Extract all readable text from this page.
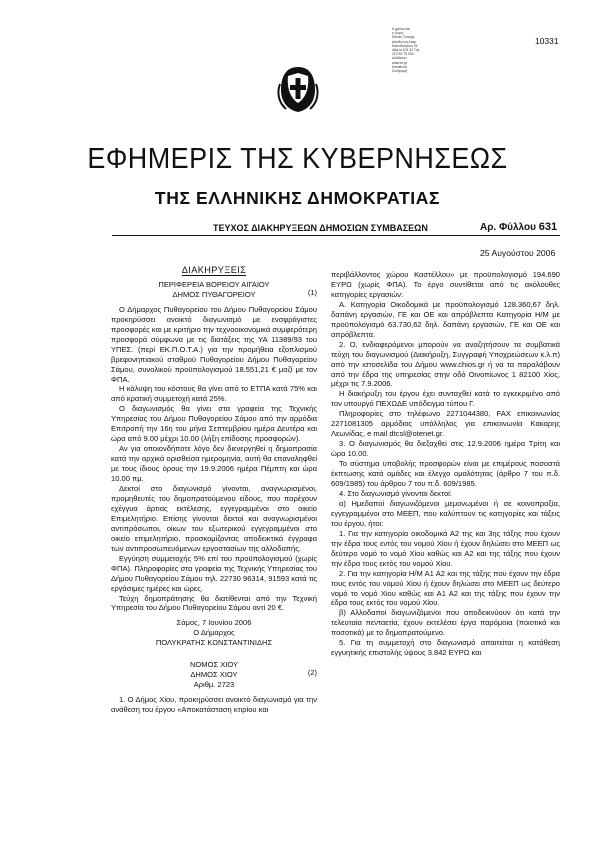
5 χρόνια και
ο λογος
Εθνικό Τυπογρ.
Διεύθυνση Διαφ.
Καποδιστρίου 34
Αθήνα 104 32 Τηλ.
210 52 79 000
Διαδίκτυο
www.et.gr
Κατάθεση
Συνδρομή
10331
ΕΦΗΜΕΡΙΣ ΤΗΣ ΚΥΒΕΡΝΗΣΕΩΣ
ΤΗΣ ΕΛΛΗΝΙΚΗΣ ΔΗΜΟΚΡΑΤΙΑΣ
ΤΕΥΧΟΣ ΔΙΑΚΗΡΥΞΕΩΝ ΔΗΜΟΣΙΩΝ ΣΥΜΒΑΣΕΩΝ	Αρ. Φύλλου 631
25 Αυγούστου 2006
ΔΙΑΚΗΡΥΞΕΙΣ
(1)

ΠΕΡΙΦΕΡΕΙΑ ΒΟΡΕΙΟΥ ΑΙΓΑΙΟΥ

ΔΗΜΟΣ ΠΥΘΑΓΟΡΕΙΟΥ

Ο Δήμαρχος Πυθαγορείου του Δήμου Πυθαγορείου Σάμου προκηρύσσει ανοικτό διαγωνισμό με ενσφράγιστες προσφορές και με κριτήριο την τεχνοοικονομικά συμφερότερη προσφορά σύμφωνα με τις διατάξεις της ΥΑ 11389/93 του ΥΠΕΣ. (περί ΕΚ.Π.Ο.Τ.Α.) για την προμήθεια εξοπλισμού βρεφονηπιακού σταθμού Πυθαγορείου Δήμου Πυθαγορείου Σάμου, συνολικού προϋπολογισμού 18.551,21 € μαζί με τον ΦΠΑ.

Η κάλυψη του κόστους θα γίνει από το ΕΤΠΑ κατά 75% και από κρατική συμμετοχή κατά 25%.

Ο διαγωνισμός θα γίνει στα γραφεία της Τεχνικής Υπηρεσίας του Δήμου Πυθαγορείου Σάμου από την αρμόδια Επιτροπή την 16η του μήνα Σεπτεμβρίου ημέρα Δευτέρα και ώρα από 9.00 μέχρι 10.00 (λήξη επίδοσης προσφορών).

Αν για οποιονδήποτε λόγο δεν διενεργηθεί η δημοπρασία κατά την αρχικά ορισθείσα ημερομηνία, αυτή θα επαναληφθεί με τους ίδιους όρους την 19.9.2006 ημέρα Πέμπτη και ώρα 10.00 πμ.

Δεκτοί στο διαγωνισμό γίνονται, αναγνωρισμένοι, προμηθευτές του δημοπρατούμενου είδους, που παρέχουν εχέγγυα άρτιας εκτέλεσης, εγγεγραμμένοι στο οικείο Επιμελητήριο. Επίσης γίνονται δεκτοί και αναγνωρισμένοι αντιπρόσωποι, οίκων του εξωτερικού εγγεγραμμένοι στο οικείο επιμελητήριο, προσκομίζοντας αποδεικτικά έγγραφα των αντιπροσωπευόμενων εργοστασίων της αλλοδαπής.

Εγγύηση συμμετοχής 5% επί του προϋπολογισμού (χωρίς ΦΠΑ). Πληροφορίες στα γραφεία της Τεχνικής Υπηρεσίας του Δήμου Πυθαγορείου Σάμου τηλ. 22730 96314, 91593 κατά τις εργάσιμες ημέρες και ώρες.

Τεύχη δημοπράτησης θα διατίθενται από την Τεχνική Υπηρεσία του Δήμου Πυθαγορείου Σάμου αντί 20 €.

Σάμος, 7 Ιουνίου 2006

Ο Δήμαρχος

ΠΟΛΥΚΡΑΤΗΣ ΚΩΝΣΤΑΝΤΙΝΙΔΗΣ

(2)

ΝΟΜΟΣ ΧΙΟΥ

ΔΗΜΟΣ ΧΙΟΥ

Αριθμ. 2723

1. Ο Δήμος Χίου, προκηρύσσει ανοικτό διαγωνισμό για την ανάθεση του έργου «Αποκατάσταση κτιρίου και

περιβάλλοντος χώρου Καστέλλου» με προϋπολογισμό 194.690 ΕΥΡΩ (χωρίς ΦΠΑ). Το έργο συντίθεται από τις ακόλουθες κατηγορίες εργασιών:

Α. Κατηγορία Οικοδομικά με προϋπολογισμό 128.360,67 δηλ. δαπάνη εργασιών, ΓΕ και ΟΕ και απρόβλεπτα Κατηγορία Η/Μ με προϋπολογισμό 63.730,62 δηλ. δαπάνη εργασιών, ΓΕ και ΟΕ και απρόβλεπτα.

2. Ο, ενδιαφερόμενοι μπορούν να αναζητήσουν τα συμβατικά τεύχη του διαγωνισμού (Διακήρυξη, Συγγραφή Υποχρεώσεων κ.λ.π) από την ιστοσελίδα του Δήμου www.chios.gr ή να τα παραλάβουν από την έδρα της υπηρεσίας στην οδό Οινοπίωνος 1 82100 Χίος, μέχρι τις 7.9.2006.

Η διακήρυξη του έργου έχει συνταχθεί κατά το εγκεκριμένο από τον υπουργό ΠΕΧΩΔΕ υπόδειγμα τύπου Γ.

Πληροφορίες στο τηλέφωνο 2271044380, FAX επικοινωνίας 2271081305 αρμόδιος υπάλληλος για επικοινωνία Κακαρης Λεωνίδας, e mail dtcsl@otenet.gr.

3. Ο διαγωνισμός θα διεξαχθεί στις 12.9.2006 ημέρα Τρίτη και ώρα 10.00.

Το σύστημα υποβολής προσφορών είναι με επιμέρους ποσοστά έκπτωσης κατά ομάδες και έλεγχο ομαλότητας (άρθρο 7 του π.δ. 609/1985) του άρθρου 7 του π.δ. 609/1985.

4. Στο διαγωνισμό γίνονται δεκτοί:

α) Ημεδαποί διαγωνιζόμενοι μεμονωμένοι ή σε κοινοπραξία, εγγεγραμμένοι στο ΜΕΕΠ, που καλύπτουν τις κατηγορίες και τάξεις του έργου, ήτοι:

1. Για την κατηγορία οικοδομικά Α2 της και 3ης τάξης που έχουν την έδρα τους εντός του νομού Χίου ή έχουν δηλώσει στο ΜΕΕΠ ως δεύτερο νομό το νομό Χίου καθώς και Α2 και της τάξης που έχουν την έδρα τους εκτός του νομού Χίου.

2. Για την κατηγορία Η/Μ Α1 Α2 και της τάξης που έχουν την έδρα τους εντός του νομού Χίου ή έχουν δηλώσει στο ΜΕΕΠ ως δεύτερο νομό το νομό Χίου καθώς και Α1 Α2 και της τάξης που έχουν την έδρα τους εκτός του νομού Χίου.

β) Αλλοδαποί διαγωνιζόμενοι που αποδεικνύουν ότι κατά την τελευταία πενταετία, έχουν εκτελέσει έργα παρόμοια (ποιοτικά και ποσοτικά) με το δημοπρατούμενο.

5. Για τη συμμετοχή στο διαγωνισμό απαιτείται η κατάθεση εγγυητικής επιστολής ύψους 3.842 ΕΥΡΩ και
